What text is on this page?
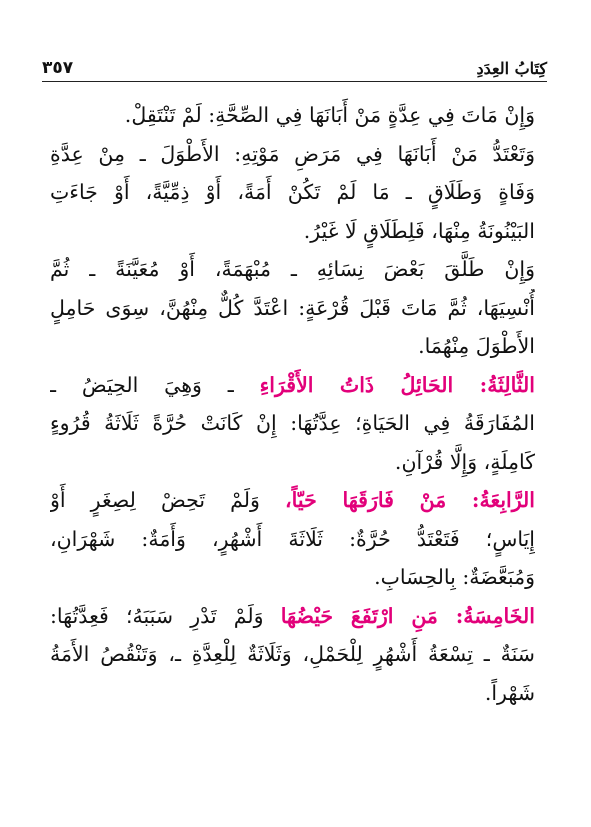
كِتَابُ العِدَدِ
٣٥٧
وَإِنْ مَاتَ فِي عِدَّةٍ مَنْ أَبَانَهَا فِي الصِّحَّةِ: لَمْ تَنْتَقِلْ.
وَتَعْتَدُّ مَنْ أَبَانَهَا فِي مَرَضِ مَوْتِهِ: الأَطْوَلَ ـ مِنْ عِدَّةِ
وَفَاةٍ وَطَلَاقٍ ـ مَا لَمْ تَكُنْ أَمَةً، أَوْ ذِمِّيَّةً، أَوْ جَاءَتِ
البَيْنُونَةُ مِنْهَا، فَلِطَلَاقٍ لَا غَيْرُ.
وَإِنْ طَلَّقَ بَعْضَ نِسَائِهِ ـ مُبْهَمَةً، أَوْ مُعَيَّنَةً ـ ثُمَّ
أُنْسِيَهَا، ثُمَّ مَاتَ قَبْلَ قُرْعَةٍ: اعْتَدَّ كُلٌّ مِنْهُنَّ، سِوَى حَامِلٍ
الأَطْوَلَ مِنْهُمَا.
الثَّالِثَةُ: الحَائِلُ ذَاتُ الأَقْرَاءِ ـ وَهِيَ الحِيَضُ ـ
المُفَارَقَةُ فِي الحَيَاةِ؛ عِدَّتُهَا: إِنْ كَانَتْ حُرَّةً ثَلَاثَةُ قُرُوءٍ
كَامِلَةٍ، وَإِلَّا قُرْآنِ.
الرَّابِعَةُ: مَنْ فَارَقَهَا حَيّاً، وَلَمْ تَحِضْ لِصِغَرٍ أَوْ
إِيَاسٍ؛ فَتَعْتَدُّ حُرَّةٌ: ثَلَاثَةَ أَشْهُرٍ، وَأَمَةٌ: شَهْرَانِ،
وَمُبَعَّضَةٌ: بِالحِسَابِ.
الخَامِسَةُ: مَنِ ارْتَفَعَ حَيْضُهَا وَلَمْ تَدْرِ سَبَبَهُ؛ فَعِدَّتُهَا:
سَنَةٌ ـ تِسْعَةُ أَشْهُرٍ لِلْحَمْلِ، وَثَلَاثَةٌ لِلْعِدَّةِ ـ، وَتَنْقُصُ الأَمَةُ
شَهْراً.
